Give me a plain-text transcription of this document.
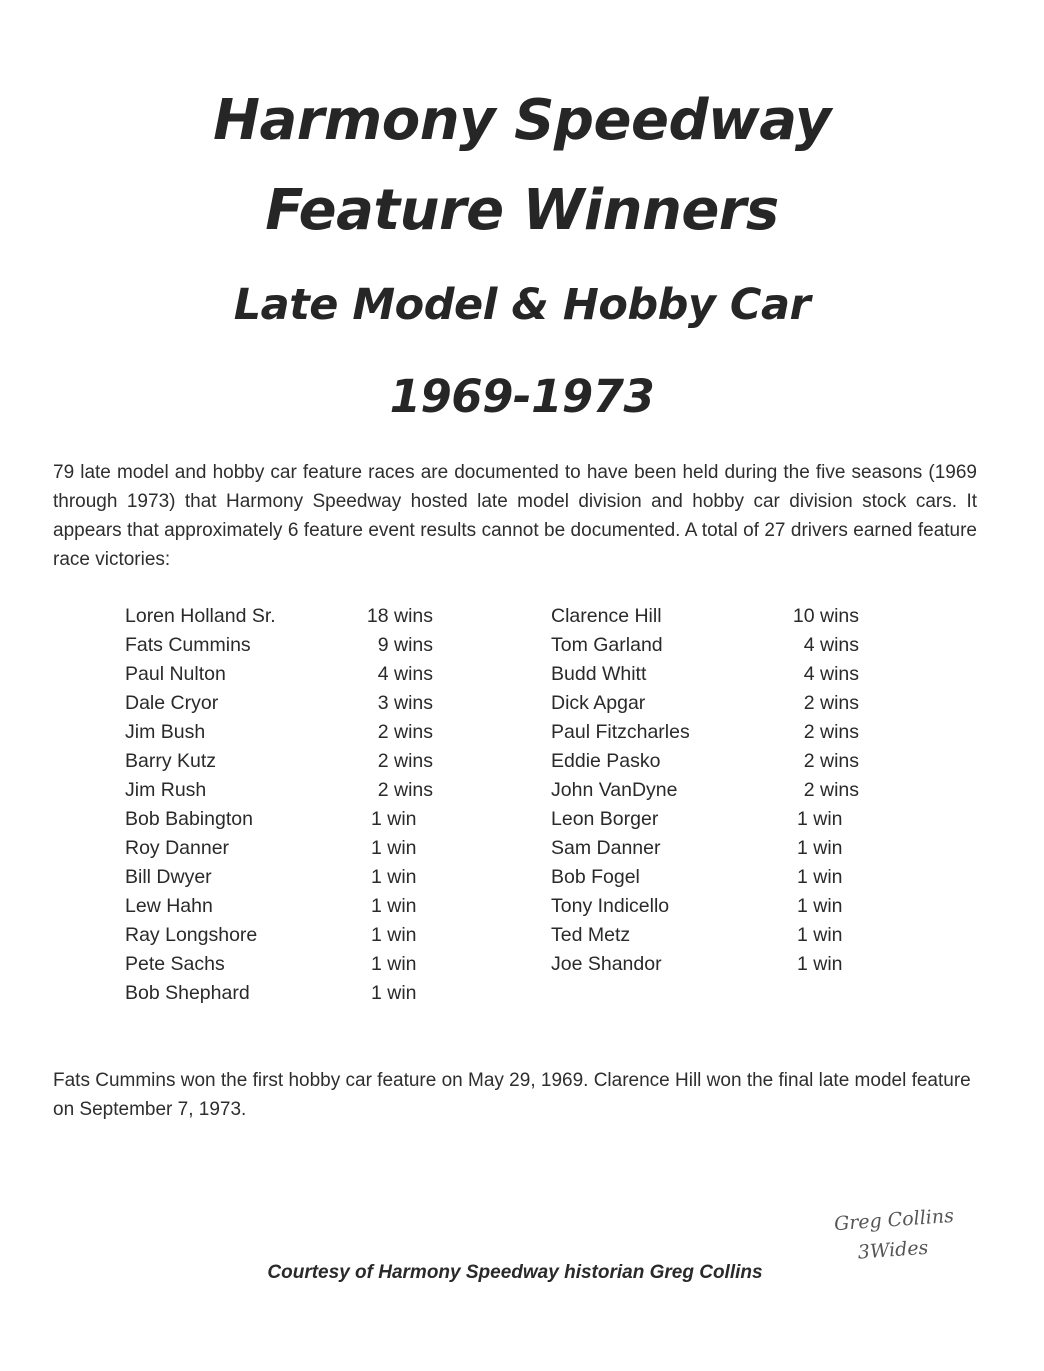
Harmony Speedway
Feature Winners
Late Model & Hobby Car
1969-1973

79 late model and hobby car feature races are documented to have been held during the five seasons (1969 through 1973) that Harmony Speedway hosted late model division and hobby car division stock cars. It appears that approximately 6 feature event results cannot be documented. A total of 27 drivers earned feature race victories:

Loren Holland Sr.	18 wins
Fats Cummins	9 wins
Paul Nulton	4 wins
Dale Cryor	3 wins
Jim Bush	2 wins
Barry Kutz	2 wins
Jim Rush	2 wins
Bob Babington	1 win
Roy Danner	1 win
Bill Dwyer	1 win
Lew Hahn	1 win
Ray Longshore	1 win
Pete Sachs	1 win
Bob Shephard	1 win
Clarence Hill	10 wins
Tom Garland	4 wins
Budd Whitt	4 wins
Dick Apgar	2 wins
Paul Fitzcharles	2 wins
Eddie Pasko	2 wins
John VanDyne	2 wins
Leon Borger	1 win
Sam Danner	1 win
Bob Fogel	1 win
Tony Indicello	1 win
Ted Metz	1 win
Joe Shandor	1 win

Fats Cummins won the first hobby car feature on May 29, 1969. Clarence Hill won the final late model feature on September 7, 1973.

Courtesy of Harmony Speedway historian Greg Collins
Greg Collins
3Wides
